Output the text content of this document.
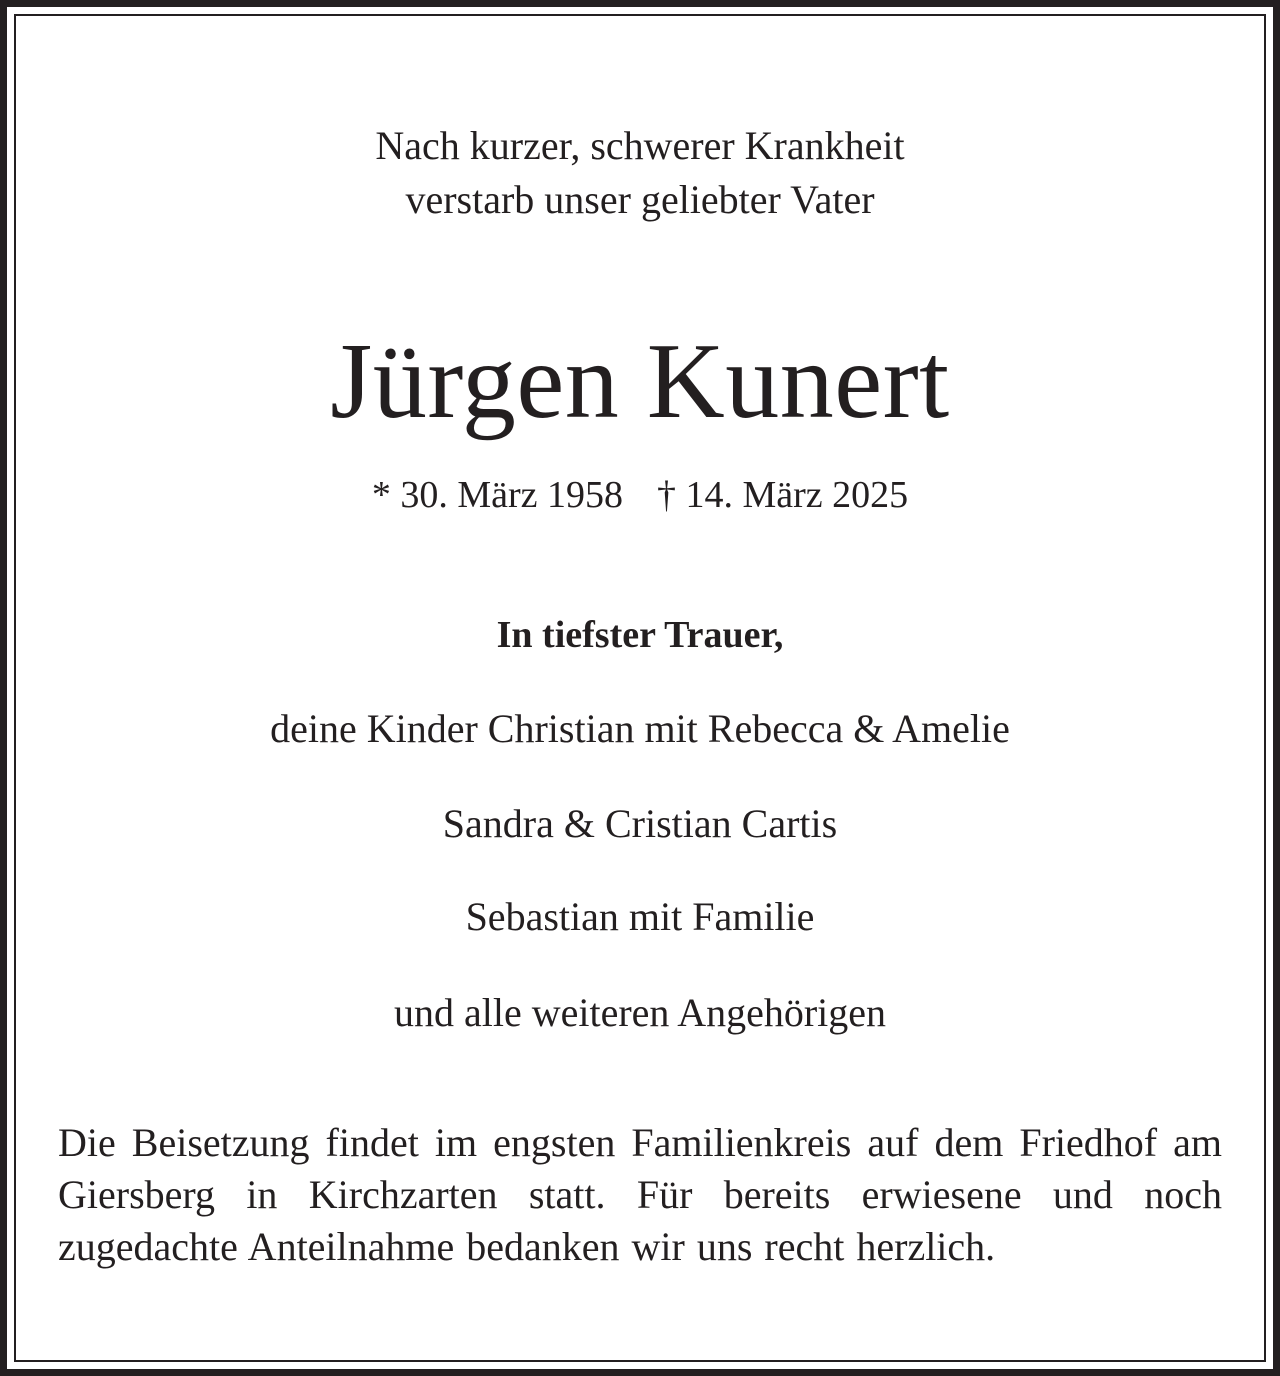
Nach kurzer, schwerer Krankheit
verstarb unser geliebter Vater
Jürgen Kunert
* 30. März 1958 † 14. März 2025
In tiefster Trauer,
deine Kinder Christian mit Rebecca & Amelie
Sandra & Cristian Cartis
Sebastian mit Familie
und alle weiteren Angehörigen
Die Beisetzung findet im engsten Familienkreis auf dem Friedhof am Giersberg in Kirchzarten statt. Für bereits erwiesene und noch zugedachte Anteilnahme bedanken wir uns recht herzlich.
